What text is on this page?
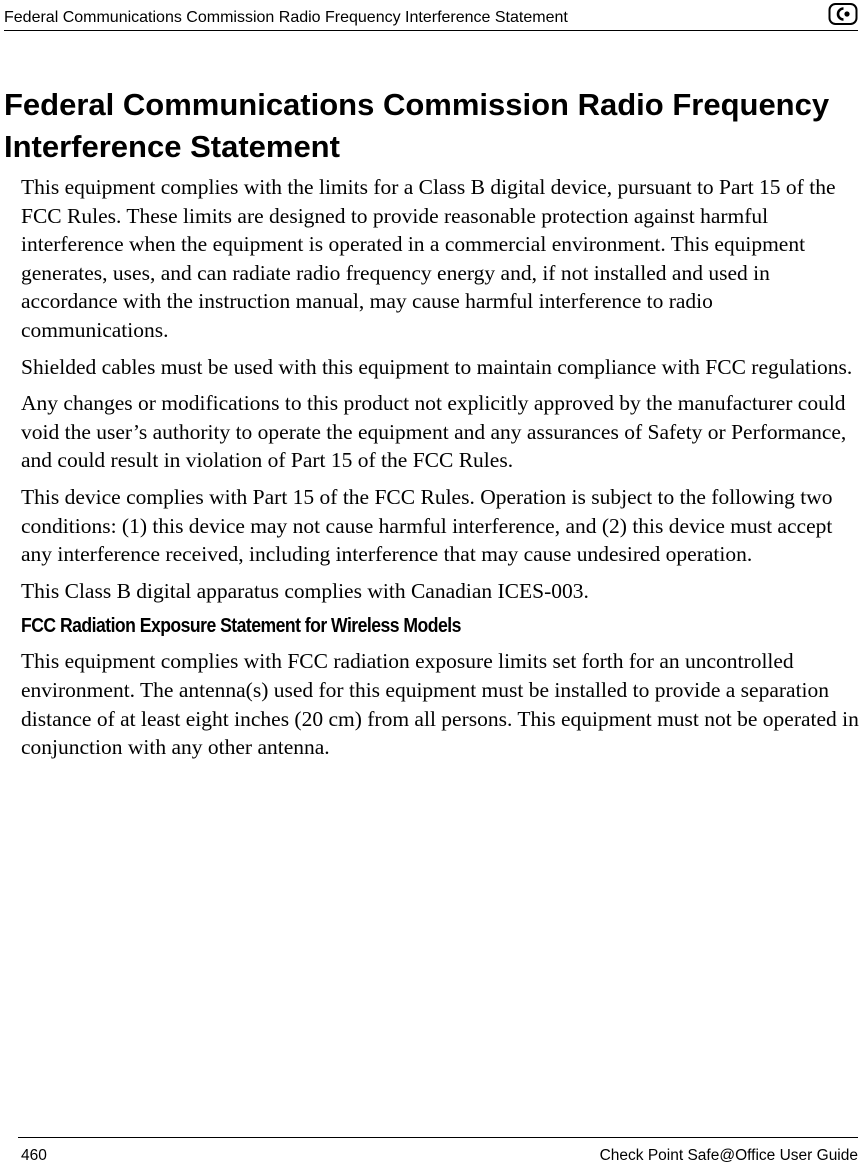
Federal Communications Commission Radio Frequency Interference Statement
Federal Communications Commission Radio Frequency Interference Statement

This equipment complies with the limits for a Class B digital device, pursuant to Part 15 of the FCC Rules. These limits are designed to provide reasonable protection against harmful interference when the equipment is operated in a commercial environment. This equipment generates, uses, and can radiate radio frequency energy and, if not installed and used in accordance with the instruction manual, may cause harmful interference to radio communications.

Shielded cables must be used with this equipment to maintain compliance with FCC regulations.

Any changes or modifications to this product not explicitly approved by the manufacturer could void the user’s authority to operate the equipment and any assurances of Safety or Performance, and could result in violation of Part 15 of the FCC Rules.

This device complies with Part 15 of the FCC Rules. Operation is subject to the following two conditions: (1) this device may not cause harmful interference, and (2) this device must accept any interference received, including interference that may cause undesired operation.

This Class B digital apparatus complies with Canadian ICES-003.

FCC Radiation Exposure Statement for Wireless Models

This equipment complies with FCC radiation exposure limits set forth for an uncontrolled environment. The antenna(s) used for this equipment must be installed to provide a separation distance of at least eight inches (20 cm) from all persons. This equipment must not be operated in conjunction with any other antenna.

460	Check Point Safe@Office User Guide
